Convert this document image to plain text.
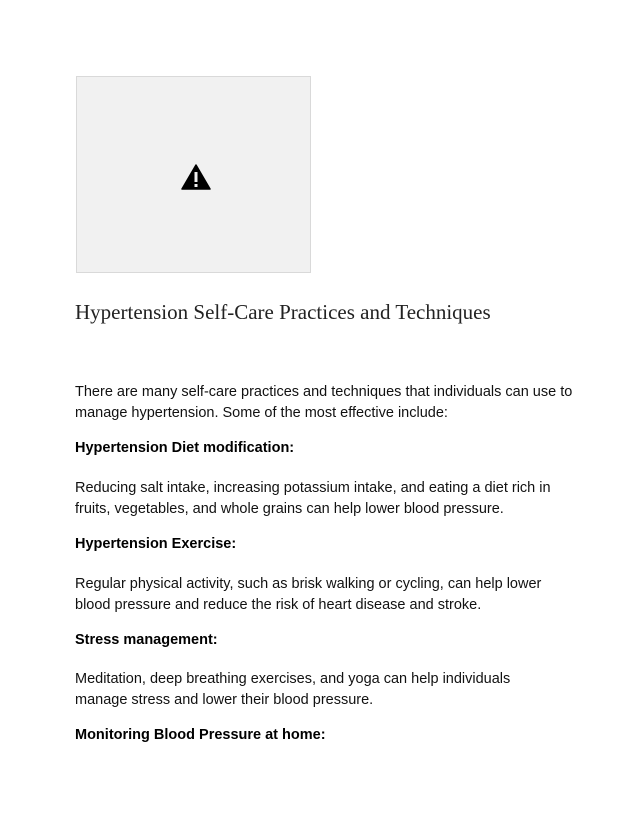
Hypertension Self-Care Practices and Techniques

There are many self-care practices and techniques that individuals can use to manage hypertension. Some of the most effective include:

Hypertension Diet modification:

Reducing salt intake, increasing potassium intake, and eating a diet rich in fruits, vegetables, and whole grains can help lower blood pressure.

Hypertension Exercise:

Regular physical activity, such as brisk walking or cycling, can help lower blood pressure and reduce the risk of heart disease and stroke.

Stress management:

Meditation, deep breathing exercises, and yoga can help individuals manage stress and lower their blood pressure.

Monitoring Blood Pressure at home:
